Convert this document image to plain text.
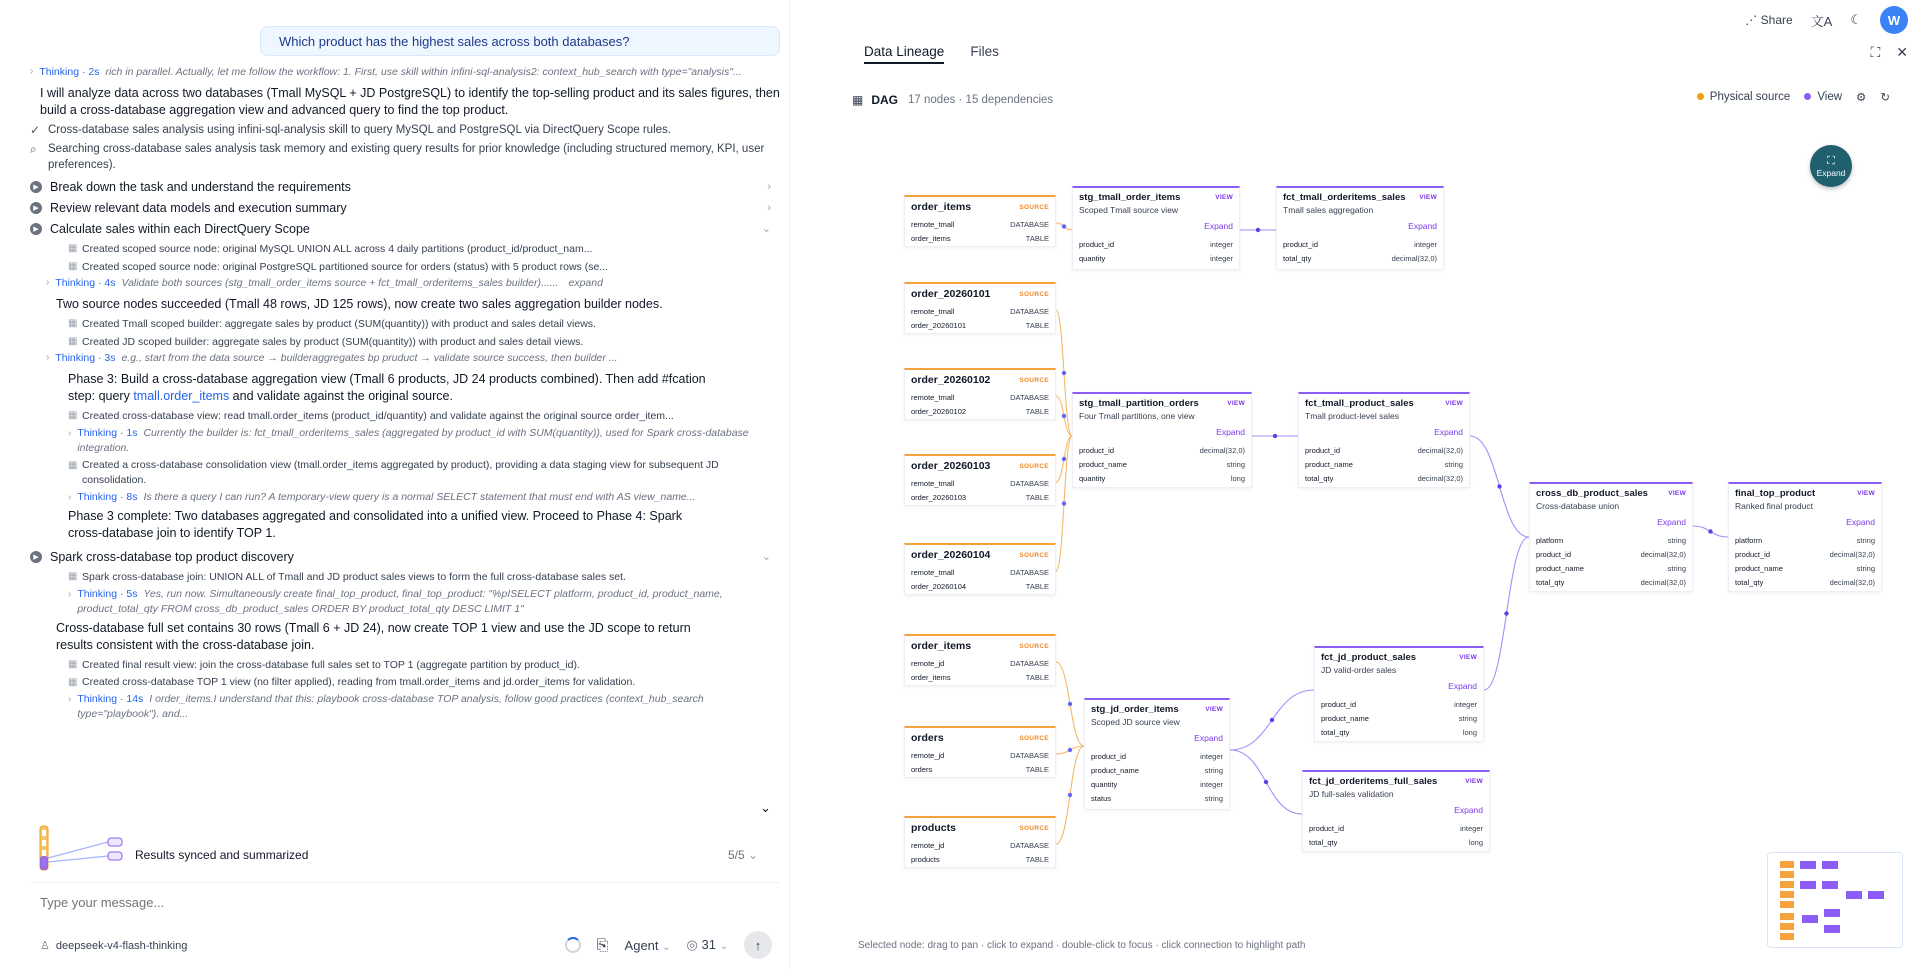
Which product has the highest sales across both databases?
› Thinking · 2s rich in parallel. Actually, let me follow the workflow: 1. First, use skill within infini-sql-analysis2: context_hub_search with type="analysis"...
I will analyze data across two databases (Tmall MySQL + JD PostgreSQL) to identify the top-selling product and its sales figures, then build a cross-database aggregation view and advanced query to find the top product.
✓ Cross-database sales analysis using infini-sql-analysis skill to query MySQL and PostgreSQL via DirectQuery Scope rules.
⌕ Searching cross-database sales analysis task memory and existing query results for prior knowledge (including structured memory, KPI, user preferences).
▶ Break down the task and understand the requirements	›
▶ Review relevant data models and execution summary	›
▶ Calculate sales within each DirectQuery Scope	⌄
▦ Created scoped source node: original MySQL UNION ALL across 4 daily partitions (product_id/product_nam...
▦ Created scoped source node: original PostgreSQL partitioned source for orders (status) with 5 product rows (se...
› Thinking · 4s Validate both sources (stg_tmall_order_items source + fct_tmall_orderitems_sales builder)...... expand
Two source nodes succeeded (Tmall 48 rows, JD 125 rows), now create two sales aggregation builder nodes.
▦ Created Tmall scoped builder: aggregate sales by product (SUM(quantity)) with product and sales detail views.
▦ Created JD scoped builder: aggregate sales by product (SUM(quantity)) with product and sales detail views.
› Thinking · 3s e.g., start from the data source → builderaggregates bp pruduct → validate source success, then builder ...
Phase 3: Build a cross-database aggregation view (Tmall 6 products, JD 24 products combined). Then add #fcation
step: query tmall.order_items and validate against the original source.
▦ Created cross-database view: read tmall.order_items (product_id/quantity) and validate against the original source order_item...
› Thinking · 1s Currently the builder is: fct_tmall_orderitems_sales (aggregated by product_id with SUM(quantity)), used for Spark cross-database integration.
▦ Created a cross-database consolidation view (tmall.order_items aggregated by product), providing a data staging view for subsequent JD consolidation.
› Thinking · 8s Is there a query I can run? A temporary-view query is a normal SELECT statement that must end with AS view_name...
Phase 3 complete: Two databases aggregated and consolidated into a unified view. Proceed to Phase 4: Spark cross-database join to identify TOP 1.
▶ Spark cross-database top product discovery	⌄
▦ Spark cross-database join: UNION ALL of Tmall and JD product sales views to form the full cross-database sales set.
› Thinking · 5s Yes, run now. Simultaneously create final_top_product, final_top_product: "%pISELECT platform, product_id, product_name, product_total_qty FROM cross_db_product_sales ORDER BY product_total_qty DESC LIMIT 1"
Cross-database full set contains 30 rows (Tmall 6 + JD 24), now create TOP 1 view and use the JD scope to return results consistent with the cross-database join.
▦ Created final result view: join the cross-database full sales set to TOP 1 (aggregate partition by product_id).
▦ Created cross-database TOP 1 view (no filter applied), reading from tmall.order_items and jd.order_items for validation.
› Thinking · 14s I order_items.I understand that this: playbook cross-database TOP analysis, follow good practices (context_hub_search type="playbook"). and...
⌄
Results synced and summarized	5/5 ⌄
Type your message...
♙ deepseek-v4-flash-thinking	⎘ Agent ⌄ ◎ 31 ⌄ ↑
⋰ Share 文A ☾	W
Data Lineage Files	⛶ ✕
▦ DAG 17 nodes · 15 dependencies	Physical source	View ⚙ ↻
order_items	SOURCE
remote_tmall	DATABASE
order_items	TABLE
order_20260101	SOURCE
remote_tmall	DATABASE
order_20260101	TABLE
order_20260102	SOURCE
remote_tmall	DATABASE
order_20260102	TABLE
order_20260103	SOURCE
remote_tmall	DATABASE
order_20260103	TABLE
order_20260104	SOURCE
remote_tmall	DATABASE
order_20260104	TABLE
order_items	SOURCE
remote_jd	DATABASE
order_items	TABLE
orders	SOURCE
remote_jd	DATABASE
orders	TABLE
products	SOURCE
remote_jd	DATABASE
products	TABLE
stg_tmall_order_items	VIEW
Scoped Tmall source view
Expand
product_id	integer
quantity	integer
fct_tmall_orderitems_sales VIEW
Tmall sales aggregation
Expand
product_id	integer
total_qty	decimal(32,0)
stg_tmall_partition_orders	VIEW
Four Tmall partitions, one view
Expand
product_id	decimal(32,0)
product_name	string
quantity	long
fct_tmall_product_sales	VIEW
Tmall product-level sales
Expand
product_id	decimal(32,0)
product_name	string
total_qty	decimal(32,0)
cross_db_product_sales	VIEW
Cross-database union
Expand
platform	string
product_id	decimal(32,0)
product_name	string
total_qty	decimal(32,0)
final_top_product	VIEW
Ranked final product
Expand
platform	string
product_id	decimal(32,0)
product_name	string
total_qty	decimal(32,0)
stg_jd_order_items	VIEW
Scoped JD source view
Expand
product_id	integer
product_name	string
quantity	integer
status	string
fct_jd_product_sales	VIEW
JD valid-order sales
Expand
product_id	integer
product_name	string
total_qty	long
fct_jd_orderitems_full_sales	VIEW
JD full-sales validation
Expand
product_id	integer
total_qty	long
⛶
Expand
Selected node: drag to pan · click to expand · double-click to focus · click connection to highlight path
